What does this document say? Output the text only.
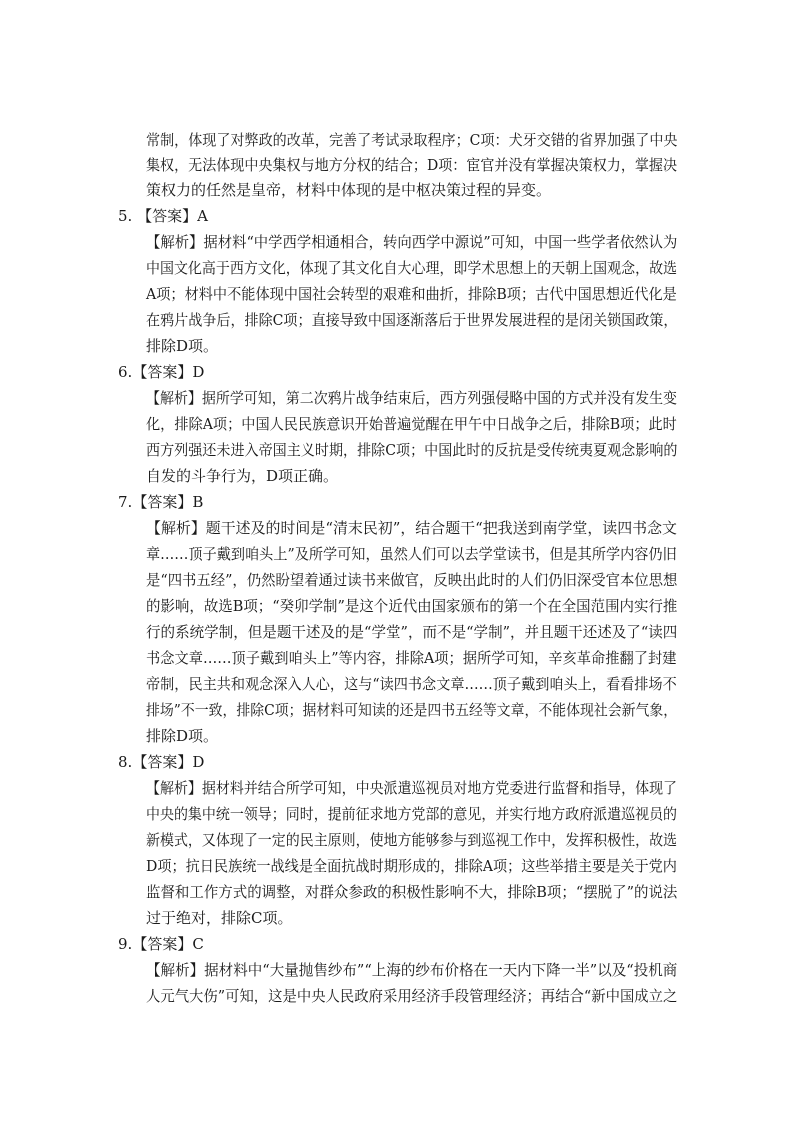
常制，体现了对弊政的改革，完善了考试录取程序；C项：犬牙交错的省界加强了中央
集权，无法体现中央集权与地方分权的结合；D项：宦官并没有掌握决策权力，掌握决
策权力的任然是皇帝，材料中体现的是中枢决策过程的异变。
5. 【答案】A
【解析】据材料“中学西学相通相合，转向西学中源说”可知，中国一些学者依然认为
中国文化高于西方文化，体现了其文化自大心理，即学术思想上的天朝上国观念，故选
A项；材料中不能体现中国社会转型的艰难和曲折，排除B项；古代中国思想近代化是
在鸦片战争后，排除C项；直接导致中国逐渐落后于世界发展进程的是闭关锁国政策，
排除D项。
6.【答案】D
【解析】据所学可知，第二次鸦片战争结束后，西方列强侵略中国的方式并没有发生变
化，排除A项；中国人民民族意识开始普遍觉醒在甲午中日战争之后，排除B项；此时
西方列强还未进入帝国主义时期，排除C项；中国此时的反抗是受传统夷夏观念影响的
自发的斗争行为，D项正确。
7.【答案】B
【解析】题干述及的时间是“清末民初”，结合题干“把我送到南学堂，读四书念文
章……顶子戴到咱头上”及所学可知，虽然人们可以去学堂读书，但是其所学内容仍旧
是“四书五经”，仍然盼望着通过读书来做官，反映出此时的人们仍旧深受官本位思想
的影响，故选B项；“癸卯学制”是这个近代由国家颁布的第一个在全国范围内实行推
行的系统学制，但是题干述及的是“学堂”，而不是“学制”，并且题干还述及了“读四
书念文章……顶子戴到咱头上”等内容，排除A项；据所学可知，辛亥革命推翻了封建
帝制，民主共和观念深入人心，这与“读四书念文章……顶子戴到咱头上，看看排场不
排场”不一致，排除C项；据材料可知读的还是四书五经等文章，不能体现社会新气象，
排除D项。
8.【答案】D
【解析】据材料并结合所学可知，中央派遣巡视员对地方党委进行监督和指导，体现了
中央的集中统一领导；同时，提前征求地方党部的意见，并实行地方政府派遣巡视员的
新模式，又体现了一定的民主原则，使地方能够参与到巡视工作中，发挥积极性，故选
D项；抗日民族统一战线是全面抗战时期形成的，排除A项；这些举措主要是关于党内
监督和工作方式的调整，对群众参政的积极性影响不大，排除B项；“摆脱了”的说法
过于绝对，排除C项。
9.【答案】C
【解析】据材料中“大量抛售纱布”“上海的纱布价格在一天内下降一半”以及“投机商
人元气大伤”可知，这是中央人民政府采用经济手段管理经济；再结合“新中国成立之
